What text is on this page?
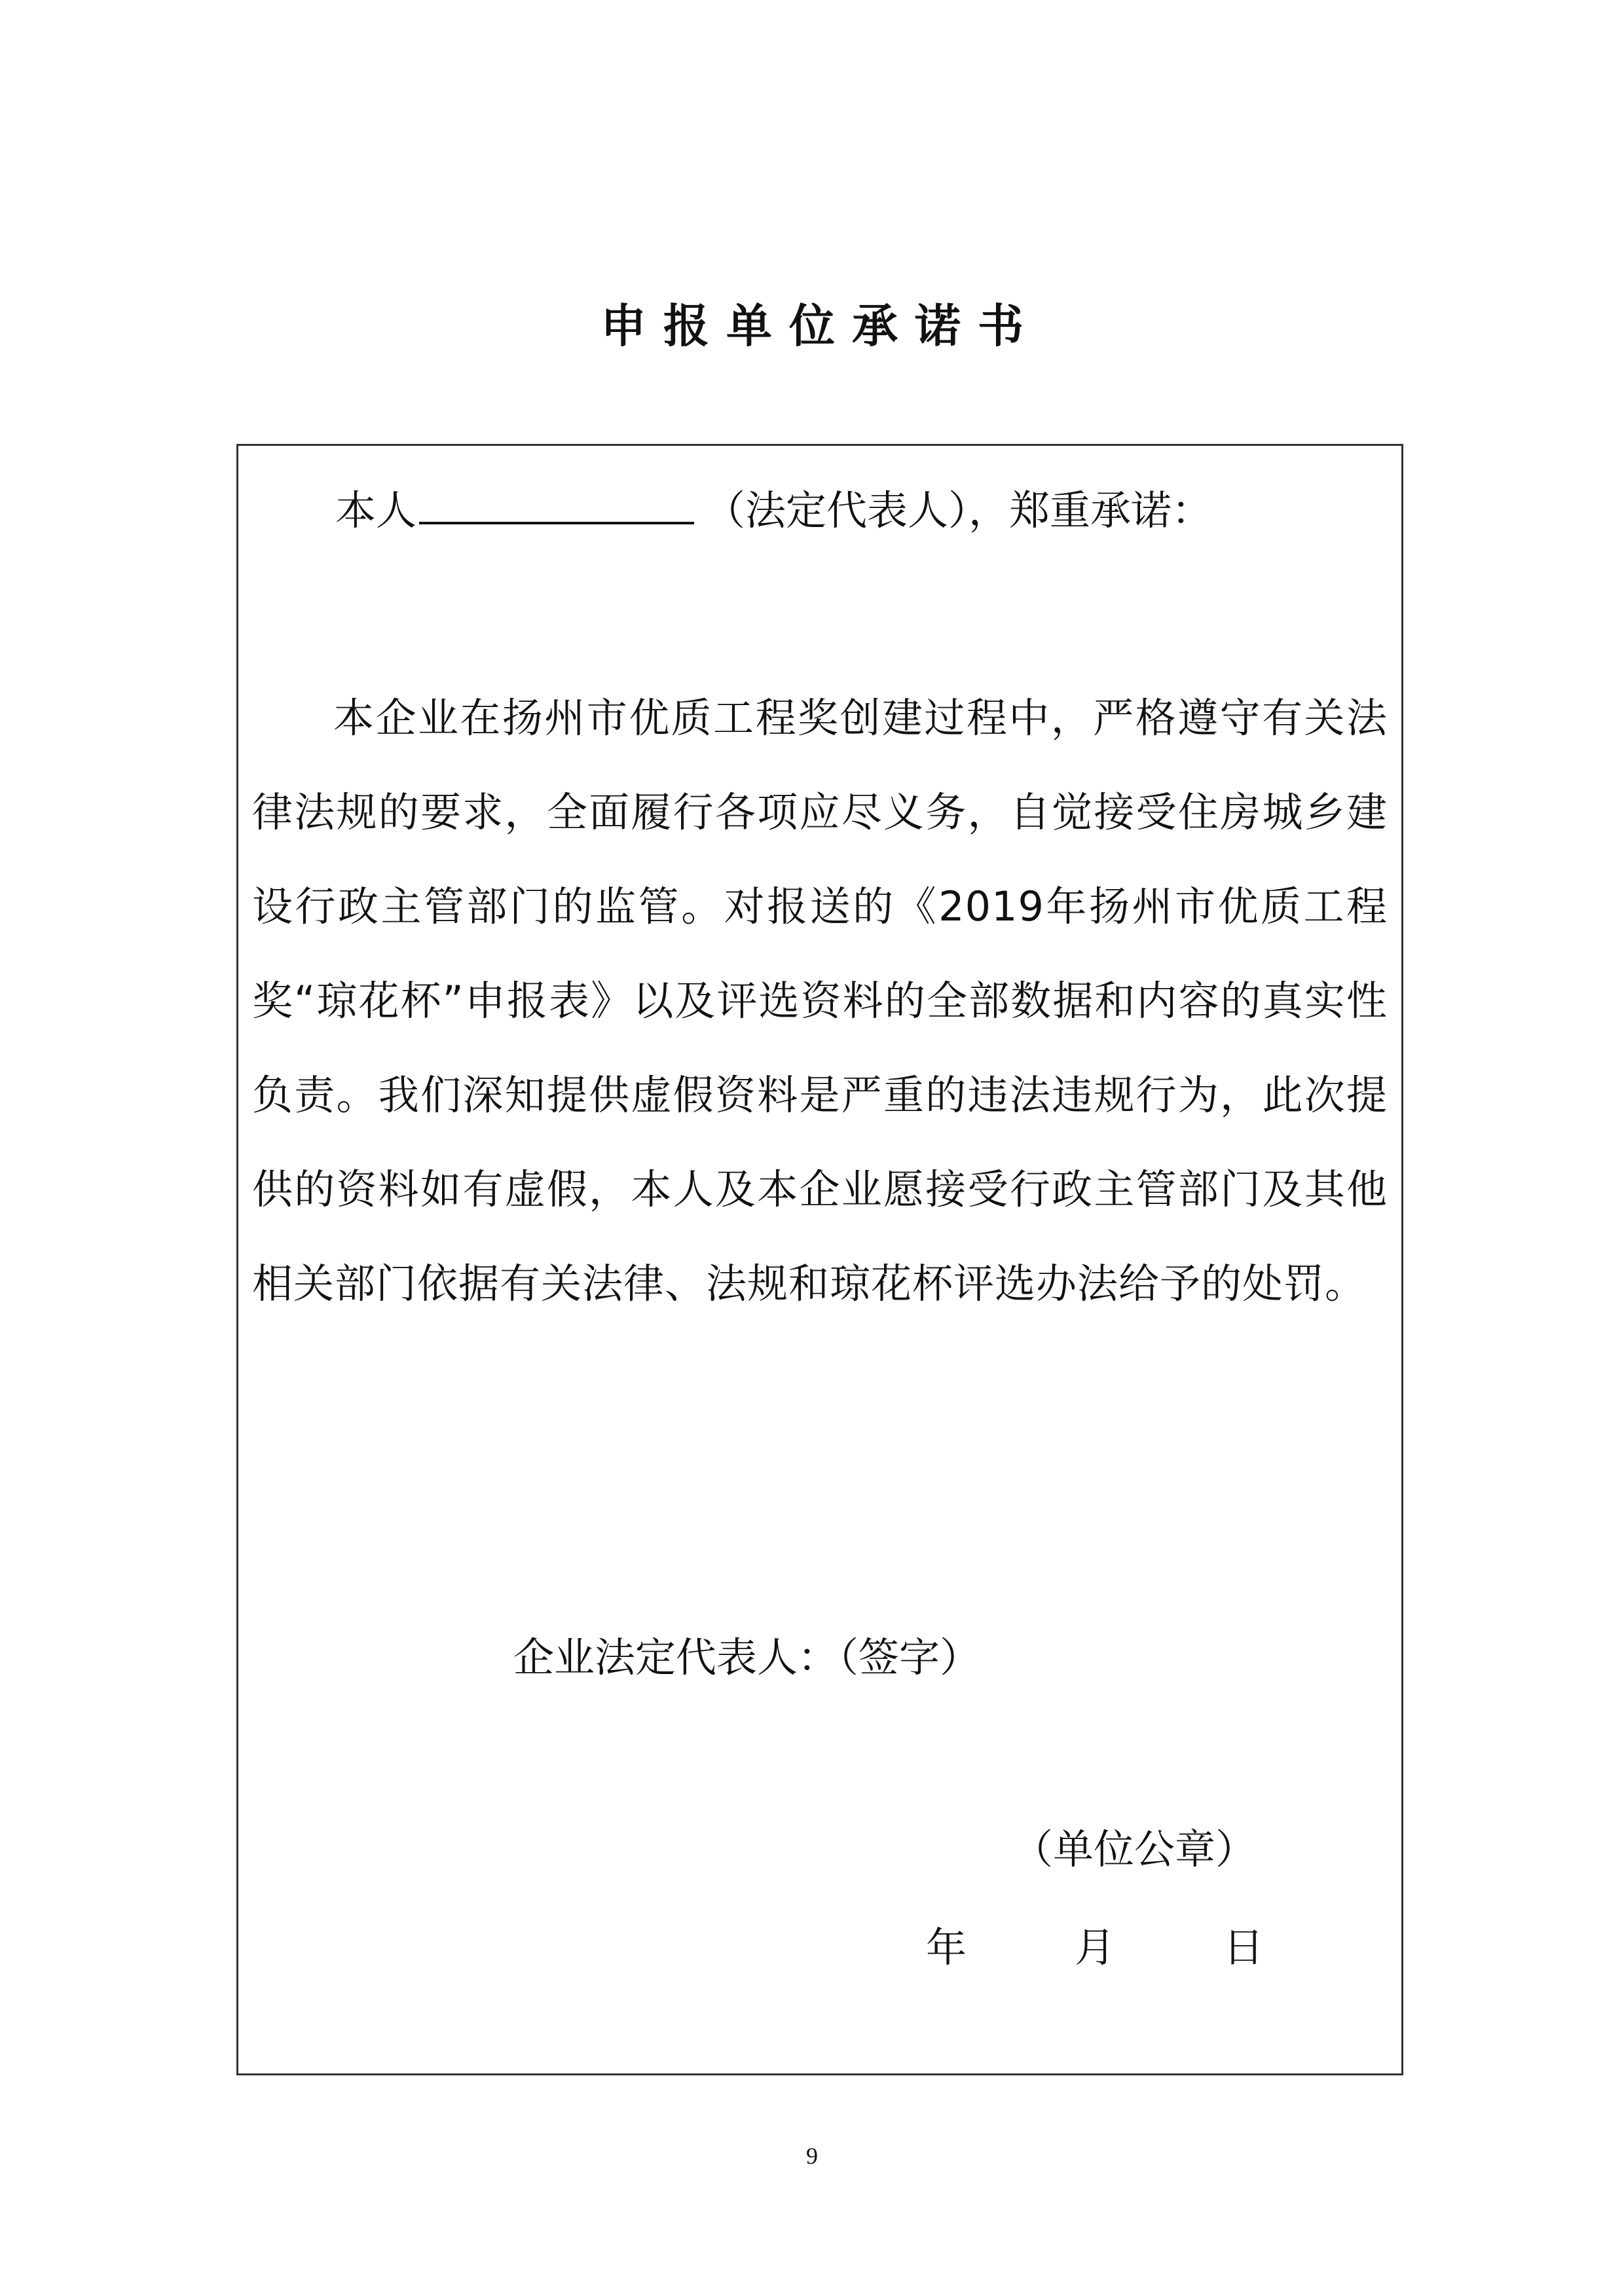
申报单位承诺书

本人	（法定代表人），郑重承诺：

本企业在扬州市优质工程奖创建过程中，严格遵守有关法律法规的要求，全面履行各项应尽义务，自觉接受住房城乡建设行政主管部门的监管。对报送的《2019年扬州市优质工程奖“琼花杯”申报表》以及评选资料的全部数据和内容的真实性负责。我们深知提供虚假资料是严重的违法违规行为，此次提供的资料如有虚假，本人及本企业愿接受行政主管部门及其他相关部门依据有关法律、法规和琼花杯评选办法给予的处罚。

企业法定代表人：（签字）

（单位公章）

年	月	日

9
